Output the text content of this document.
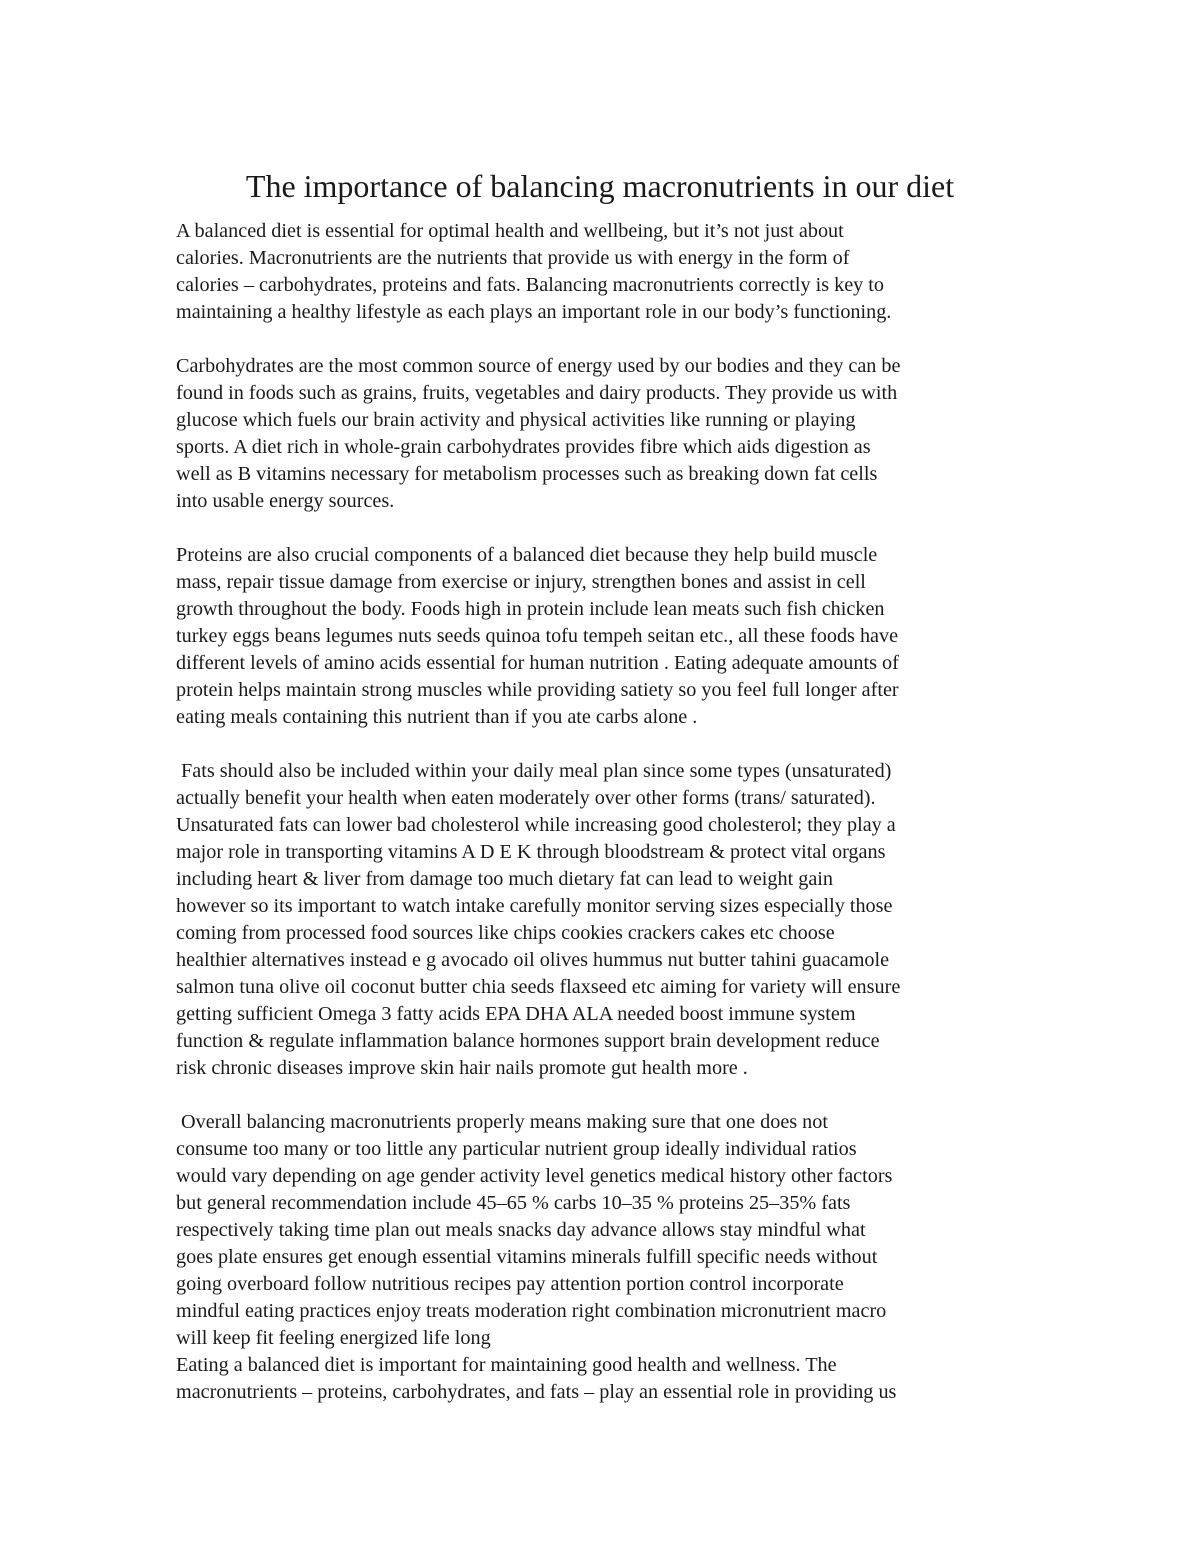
The importance of balancing macronutrients in our diet

A balanced diet is essential for optimal health and wellbeing, but it’s not just about
calories. Macronutrients are the nutrients that provide us with energy in the form of
calories – carbohydrates, proteins and fats. Balancing macronutrients correctly is key to
maintaining a healthy lifestyle as each plays an important role in our body’s functioning.

Carbohydrates are the most common source of energy used by our bodies and they can be
found in foods such as grains, fruits, vegetables and dairy products. They provide us with
glucose which fuels our brain activity and physical activities like running or playing
sports. A diet rich in whole-grain carbohydrates provides fibre which aids digestion as
well as B vitamins necessary for metabolism processes such as breaking down fat cells
into usable energy sources.

Proteins are also crucial components of a balanced diet because they help build muscle
mass, repair tissue damage from exercise or injury, strengthen bones and assist in cell
growth throughout the body. Foods high in protein include lean meats such fish chicken
turkey eggs beans legumes nuts seeds quinoa tofu tempeh seitan etc., all these foods have
different levels of amino acids essential for human nutrition . Eating adequate amounts of
protein helps maintain strong muscles while providing satiety so you feel full longer after
eating meals containing this nutrient than if you ate carbs alone .

Fats should also be included within your daily meal plan since some types (unsaturated)
actually benefit your health when eaten moderately over other forms (trans/ saturated).
Unsaturated fats can lower bad cholesterol while increasing good cholesterol; they play a
major role in transporting vitamins A D E K through bloodstream & protect vital organs
including heart & liver from damage too much dietary fat can lead to weight gain
however so its important to watch intake carefully monitor serving sizes especially those
coming from processed food sources like chips cookies crackers cakes etc choose
healthier alternatives instead e g avocado oil olives hummus nut butter tahini guacamole
salmon tuna olive oil coconut butter chia seeds flaxseed etc aiming for variety will ensure
getting sufficient Omega 3 fatty acids EPA DHA ALA needed boost immune system
function & regulate inflammation balance hormones support brain development reduce
risk chronic diseases improve skin hair nails promote gut health more .

Overall balancing macronutrients properly means making sure that one does not
consume too many or too little any particular nutrient group ideally individual ratios
would vary depending on age gender activity level genetics medical history other factors
but general recommendation include 45–65 % carbs 10–35 % proteins 25–35% fats
respectively taking time plan out meals snacks day advance allows stay mindful what
goes plate ensures get enough essential vitamins minerals fulfill specific needs without
going overboard follow nutritious recipes pay attention portion control incorporate
mindful eating practices enjoy treats moderation right combination micronutrient macro
will keep fit feeling energized life long
Eating a balanced diet is important for maintaining good health and wellness. The
macronutrients – proteins, carbohydrates, and fats – play an essential role in providing us
